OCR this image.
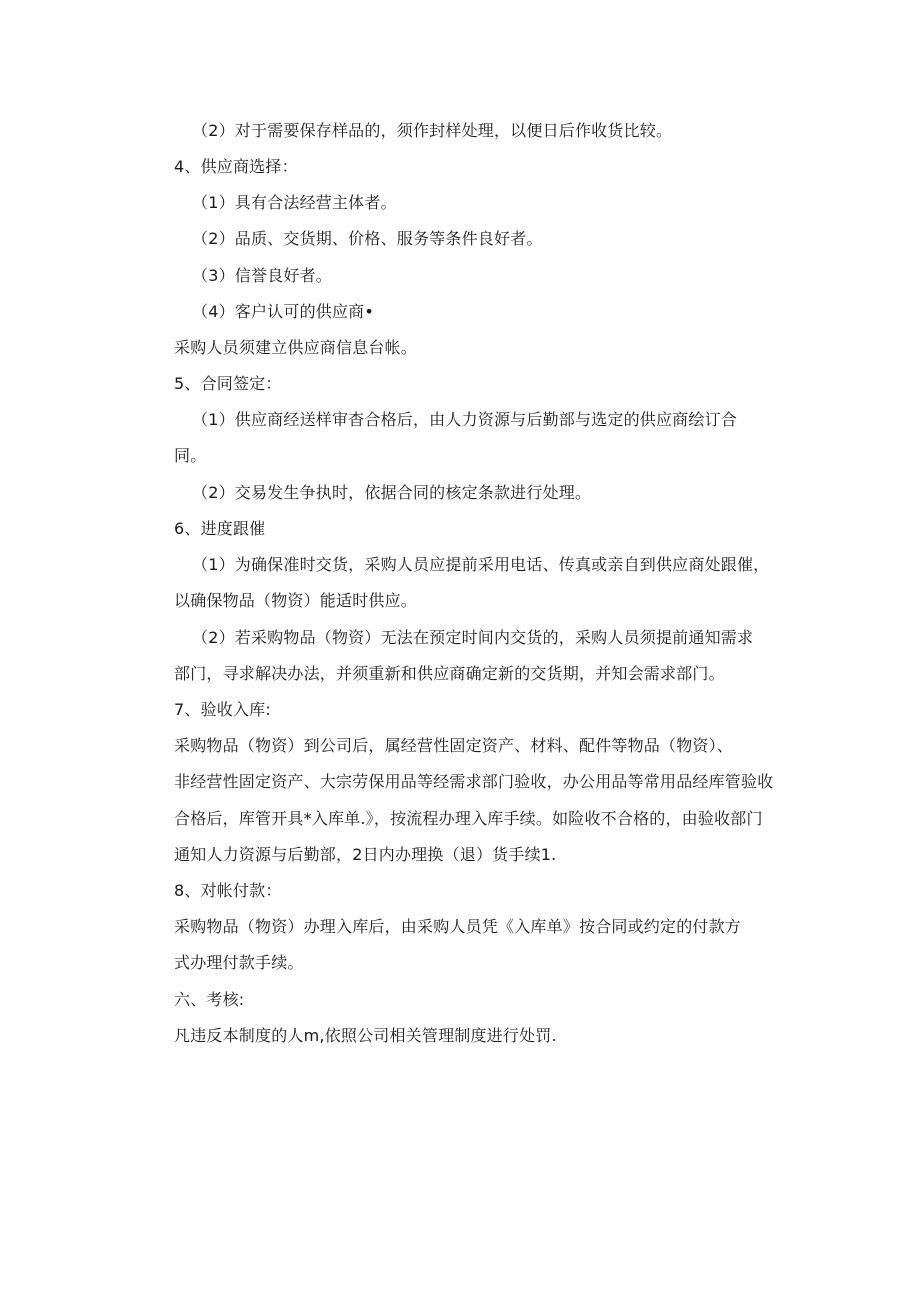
（2）对于需要保存样品的，须作封样处理，以便日后作收货比较。
4、供应商选择：
（1）具有合法经营主体者。
（2）品质、交货期、价格、服务等条件良好者。
（3）信誉良好者。
（4）客户认可的供应商•
采购人员须建立供应商信息台帐。
5、合同签定：
（1）供应商经送样审杳合格后，由人力资源与后勤部与选定的供应商绘订合
同。
（2）交易发生争执时，依据合同的核定条款进行处理。
6、进度跟催
（1）为确保准时交货，采购人员应提前采用电话、传真或亲自到供应商处跟催，
以确保物品（物资）能适时供应。
（2）若采购物品（物资）无法在预定时间内交货的，采购人员须提前通知需求
部门，寻求解决办法，并须重新和供应商确定新的交货期，并知会需求部门。
7、验收入库:
采购物品（物资）到公司后，属经营性固定资产、材料、配件等物品（物资）、
非经营性固定资产、大宗劳保用品等经需求部门验收，办公用品等常用品经库管验收
合格后，库管开具*入库单.》，按流程办理入库手续。如险收不合格的，由验收部门
通知人力资源与后勤部，2日内办理换（退）货手续1.
8、对帐付款：
采购物品（物资）办理入库后，由采购人员凭《入库单》按合同或约定的付款方
式办理付款手续。
六、考核:
凡违反本制度的人m,依照公司相关管理制度进行处罚.
